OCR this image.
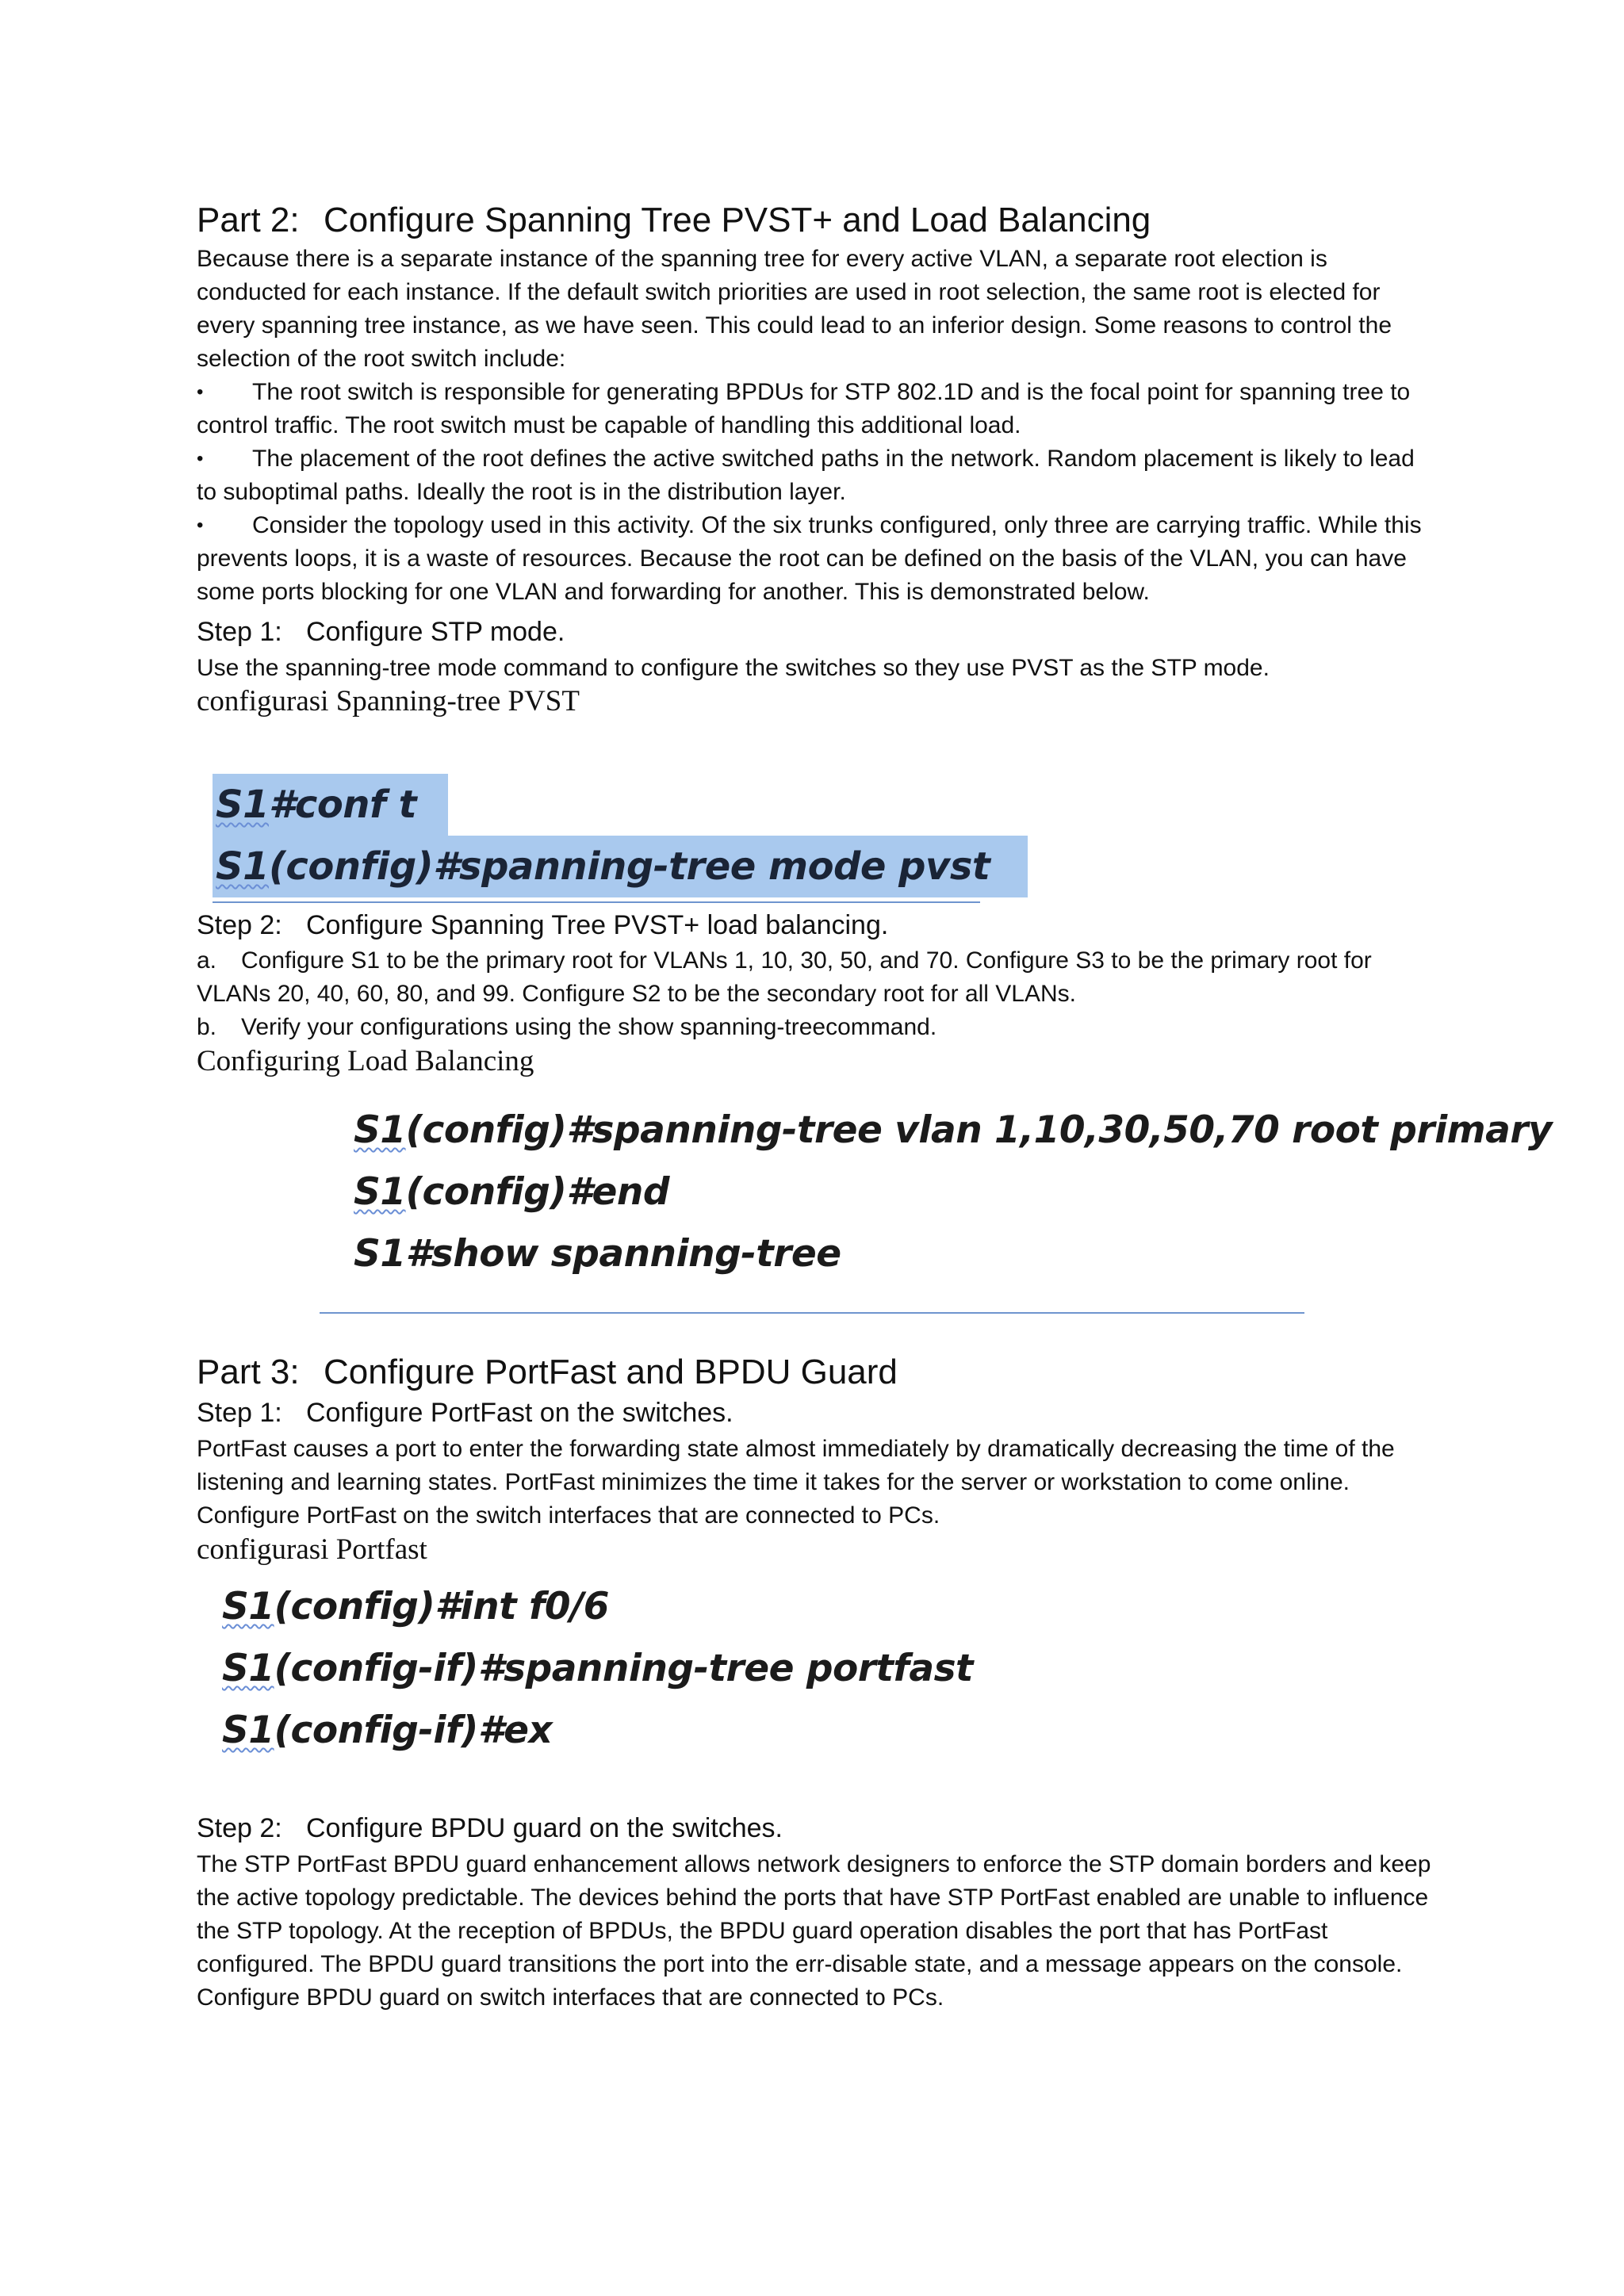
Part 2: Configure Spanning Tree PVST+ and Load Balancing

Because there is a separate instance of the spanning tree for every active VLAN, a separate root election is conducted for each instance. If the default switch priorities are used in root selection, the same root is elected for every spanning tree instance, as we have seen. This could lead to an inferior design. Some reasons to control the selection of the root switch include:

• The root switch is responsible for generating BPDUs for STP 802.1D and is the focal point for spanning tree to control traffic. The root switch must be capable of handling this additional load.
• The placement of the root defines the active switched paths in the network. Random placement is likely to lead to suboptimal paths. Ideally the root is in the distribution layer.
• Consider the topology used in this activity. Of the six trunks configured, only three are carrying traffic. While this prevents loops, it is a waste of resources. Because the root can be defined on the basis of the VLAN, you can have some ports blocking for one VLAN and forwarding for another. This is demonstrated below.
Step 1: Configure STP mode.

Use the spanning-tree mode command to configure the switches so they use PVST as the STP mode.

configurasi Spanning-tree PVST
S1#conf t
S1(config)#spanning-tree mode pvst
Step 2: Configure Spanning Tree PVST+ load balancing.
a. Configure S1 to be the primary root for VLANs 1, 10, 30, 50, and 70. Configure S3 to be the primary root for VLANs 20, 40, 60, 80, and 99. Configure S2 to be the secondary root for all VLANs.
b. Verify your configurations using the show spanning-treecommand.
Configuring Load Balancing
S1(config)#spanning-tree vlan 1,10,30,50,70 root primary
S1(config)#end
S1#show spanning-tree
Part 3: Configure PortFast and BPDU Guard
Step 1: Configure PortFast on the switches.

PortFast causes a port to enter the forwarding state almost immediately by dramatically decreasing the time of the listening and learning states. PortFast minimizes the time it takes for the server or workstation to come online. Configure PortFast on the switch interfaces that are connected to PCs.

configurasi Portfast
S1(config)#int f0/6
S1(config-if)#spanning-tree portfast
S1(config-if)#ex
Step 2: Configure BPDU guard on the switches.

The STP PortFast BPDU guard enhancement allows network designers to enforce the STP domain borders and keep the active topology predictable. The devices behind the ports that have STP PortFast enabled are unable to influence the STP topology. At the reception of BPDUs, the BPDU guard operation disables the port that has PortFast configured. The BPDU guard transitions the port into the err-disable state, and a message appears on the console. Configure BPDU guard on switch interfaces that are connected to PCs.
